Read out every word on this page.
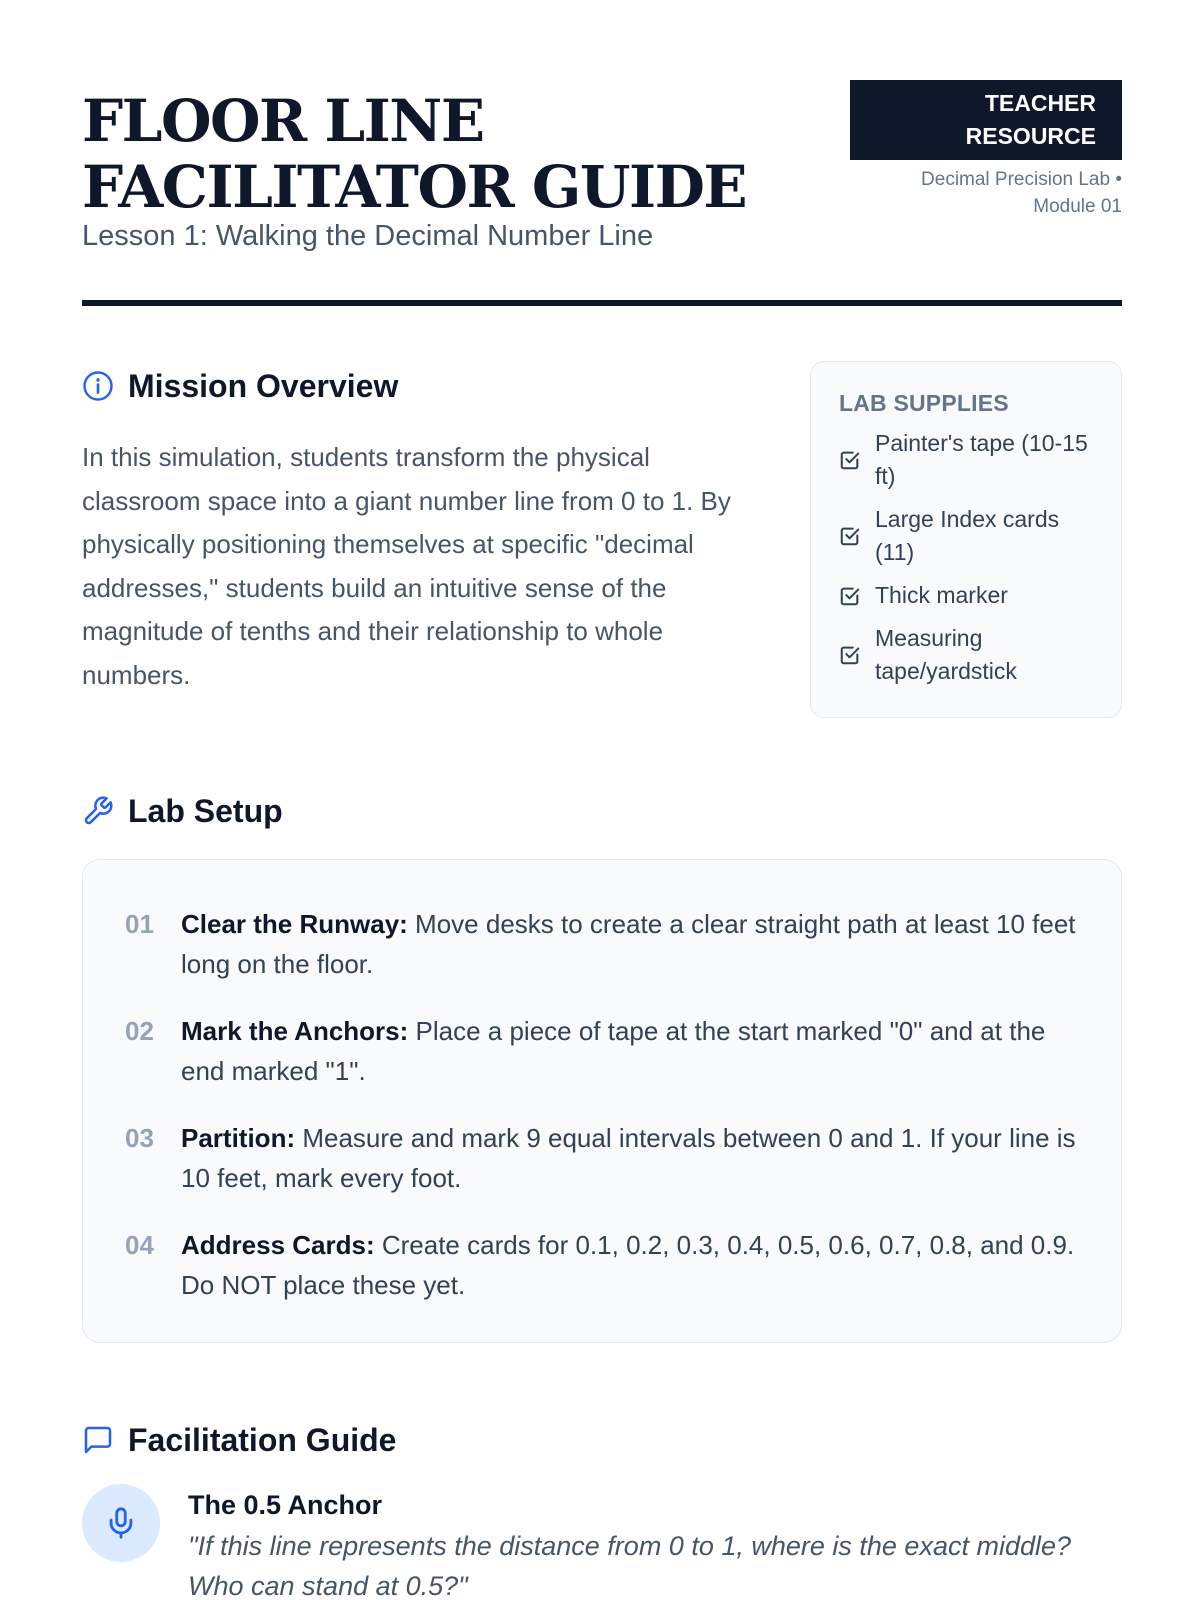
FLOOR LINE FACILITATOR GUIDE
Lesson 1: Walking the Decimal Number Line
TEACHER RESOURCE
Decimal Precision Lab • Module 01
Mission Overview

In this simulation, students transform the physical classroom space into a giant number line from 0 to 1. By physically positioning themselves at specific "decimal addresses," students build an intuitive sense of the magnitude of tenths and their relationship to whole numbers.

LAB SUPPLIES
Painter's tape (10-15 ft)
Large Index cards (11)
Thick marker
Measuring tape/yardstick
Lab Setup
01	Clear the Runway: Move desks to create a clear straight path at least 10 feet long on the floor.
02	Mark the Anchors: Place a piece of tape at the start marked "0" and at the end marked "1".
03	Partition: Measure and mark 9 equal intervals between 0 and 1. If your line is 10 feet, mark every foot.
04	Address Cards: Create cards for 0.1, 0.2, 0.3, 0.4, 0.5, 0.6, 0.7, 0.8, and 0.9. Do NOT place these yet.
Facilitation Guide
The 0.5 Anchor
"If this line represents the distance from 0 to 1, where is the exact middle? Who can stand at 0.5?"
